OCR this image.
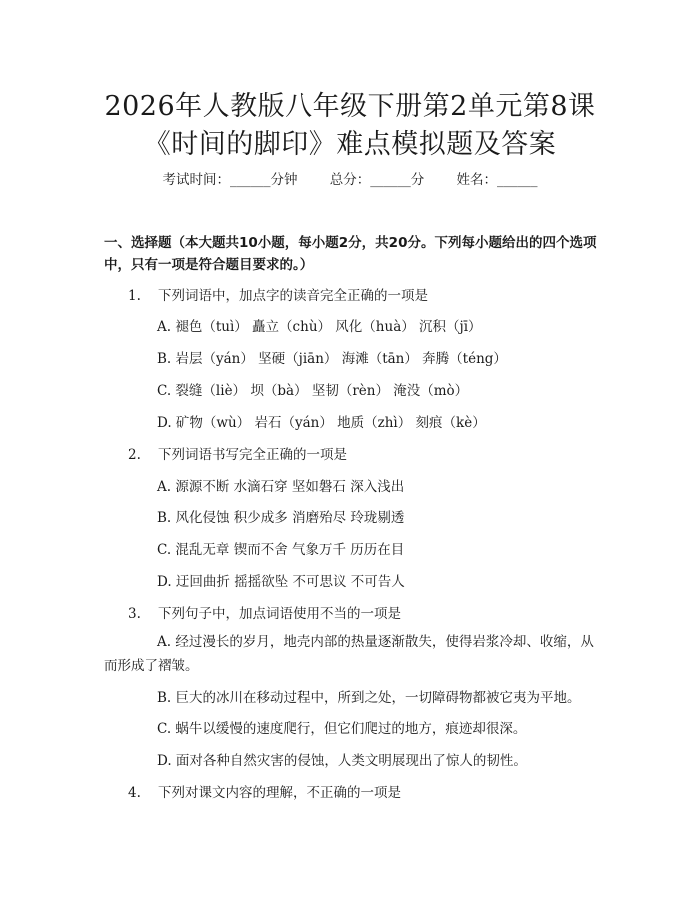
2026年人教版八年级下册第2单元第8课
《时间的脚印》难点模拟题及答案
考试时间：______分钟 总分：______分 姓名：______
一、选择题（本大题共10小题，每小题2分，共20分。下列每小题给出的四个选项中，只有一项是符合题目要求的。）
1. 下列词语中，加点字的读音完全正确的一项是
A. 褪色（tuì） 矗立（chù） 风化（huà） 沉积（jī）
B. 岩层（yán） 坚硬（jiān） 海滩（tān） 奔腾（téng）
C. 裂缝（liè） 坝（bà） 坚韧（rèn） 淹没（mò）
D. 矿物（wù） 岩石（yán） 地质（zhì） 刻痕（kè）
2. 下列词语书写完全正确的一项是
A. 源源不断 水滴石穿 坚如磐石 深入浅出
B. 风化侵蚀 积少成多 消磨殆尽 玲珑剔透
C. 混乱无章 锲而不舍 气象万千 历历在目
D. 迂回曲折 摇摇欲坠 不可思议 不可告人
3. 下列句子中，加点词语使用不当的一项是
A. 经过漫长的岁月，地壳内部的热量逐渐散失，使得岩浆冷却、收缩，从而形成了褶皱。
B. 巨大的冰川在移动过程中，所到之处，一切障碍物都被它夷为平地。
C. 蜗牛以缓慢的速度爬行，但它们爬过的地方，痕迹却很深。
D. 面对各种自然灾害的侵蚀，人类文明展现出了惊人的韧性。
4. 下列对课文内容的理解，不正确的一项是
